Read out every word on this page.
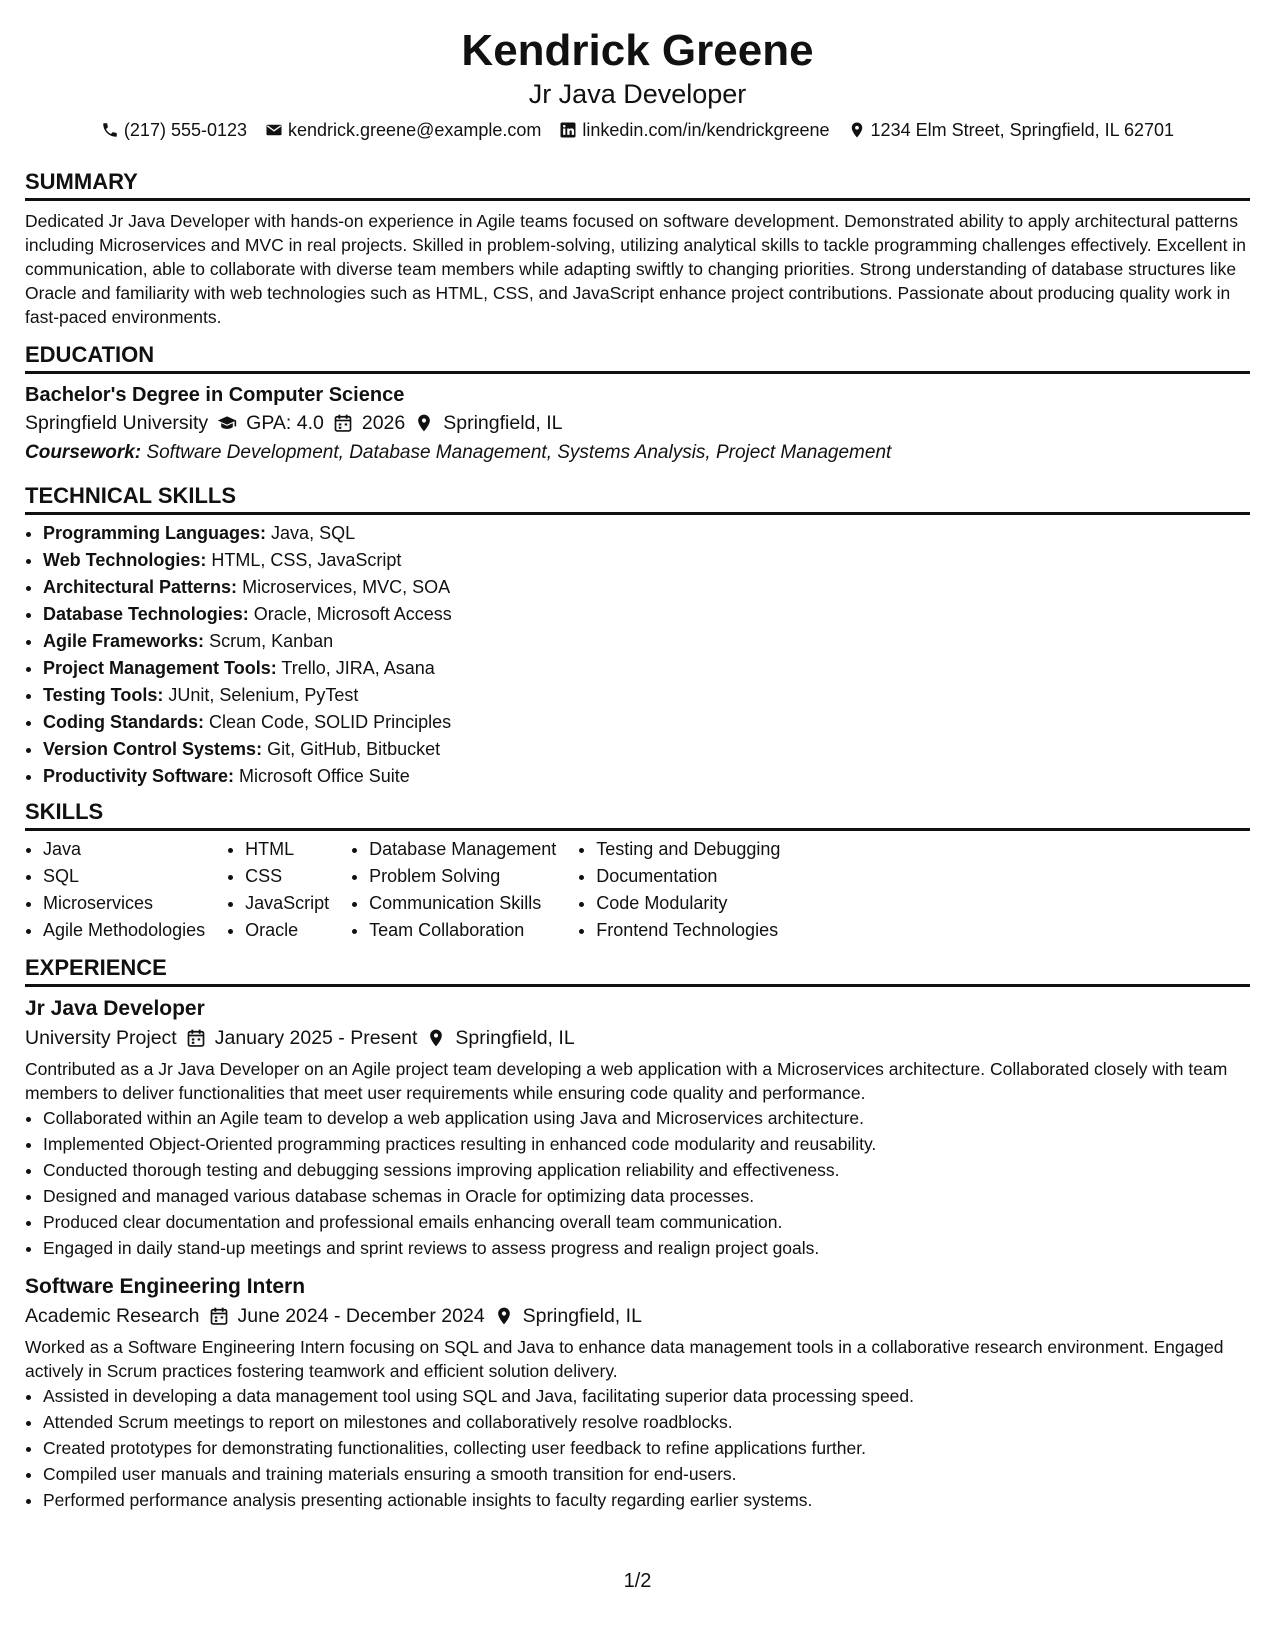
Kendrick Greene
Jr Java Developer
(217) 555-0123 kendrick.greene@example.com linkedin.com/in/kendrickgreene 1234 Elm Street, Springfield, IL 62701
SUMMARY
Dedicated Jr Java Developer with hands-on experience in Agile teams focused on software development. Demonstrated ability to apply architectural patterns including Microservices and MVC in real projects. Skilled in problem-solving, utilizing analytical skills to tackle programming challenges effectively. Excellent in communication, able to collaborate with diverse team members while adapting swiftly to changing priorities. Strong understanding of database structures like Oracle and familiarity with web technologies such as HTML, CSS, and JavaScript enhance project contributions. Passionate about producing quality work in fast-paced environments.
EDUCATION
Bachelor's Degree in Computer Science
Springfield University GPA: 4.0 2026 Springfield, IL
Coursework: Software Development, Database Management, Systems Analysis, Project Management
TECHNICAL SKILLS
• Programming Languages: Java, SQL
• Web Technologies: HTML, CSS, JavaScript
• Architectural Patterns: Microservices, MVC, SOA
• Database Technologies: Oracle, Microsoft Access
• Agile Frameworks: Scrum, Kanban
• Project Management Tools: Trello, JIRA, Asana
• Testing Tools: JUnit, Selenium, PyTest
• Coding Standards: Clean Code, SOLID Principles
• Version Control Systems: Git, GitHub, Bitbucket
• Productivity Software: Microsoft Office Suite
SKILLS
• Java
• SQL
• Microservices
• Agile Methodologies
• HTML
• CSS
• JavaScript
• Oracle
• Database Management
• Problem Solving
• Communication Skills
• Team Collaboration
• Testing and Debugging
• Documentation
• Code Modularity
• Frontend Technologies
EXPERIENCE
Jr Java Developer
University Project January 2025 - Present Springfield, IL
Contributed as a Jr Java Developer on an Agile project team developing a web application with a Microservices architecture. Collaborated closely with team members to deliver functionalities that meet user requirements while ensuring code quality and performance.
• Collaborated within an Agile team to develop a web application using Java and Microservices architecture.
• Implemented Object-Oriented programming practices resulting in enhanced code modularity and reusability.
• Conducted thorough testing and debugging sessions improving application reliability and effectiveness.
• Designed and managed various database schemas in Oracle for optimizing data processes.
• Produced clear documentation and professional emails enhancing overall team communication.
• Engaged in daily stand-up meetings and sprint reviews to assess progress and realign project goals.
Software Engineering Intern
Academic Research June 2024 - December 2024 Springfield, IL
Worked as a Software Engineering Intern focusing on SQL and Java to enhance data management tools in a collaborative research environment. Engaged actively in Scrum practices fostering teamwork and efficient solution delivery.
• Assisted in developing a data management tool using SQL and Java, facilitating superior data processing speed.
• Attended Scrum meetings to report on milestones and collaboratively resolve roadblocks.
• Created prototypes for demonstrating functionalities, collecting user feedback to refine applications further.
• Compiled user manuals and training materials ensuring a smooth transition for end-users.
• Performed performance analysis presenting actionable insights to faculty regarding earlier systems.
1/2
